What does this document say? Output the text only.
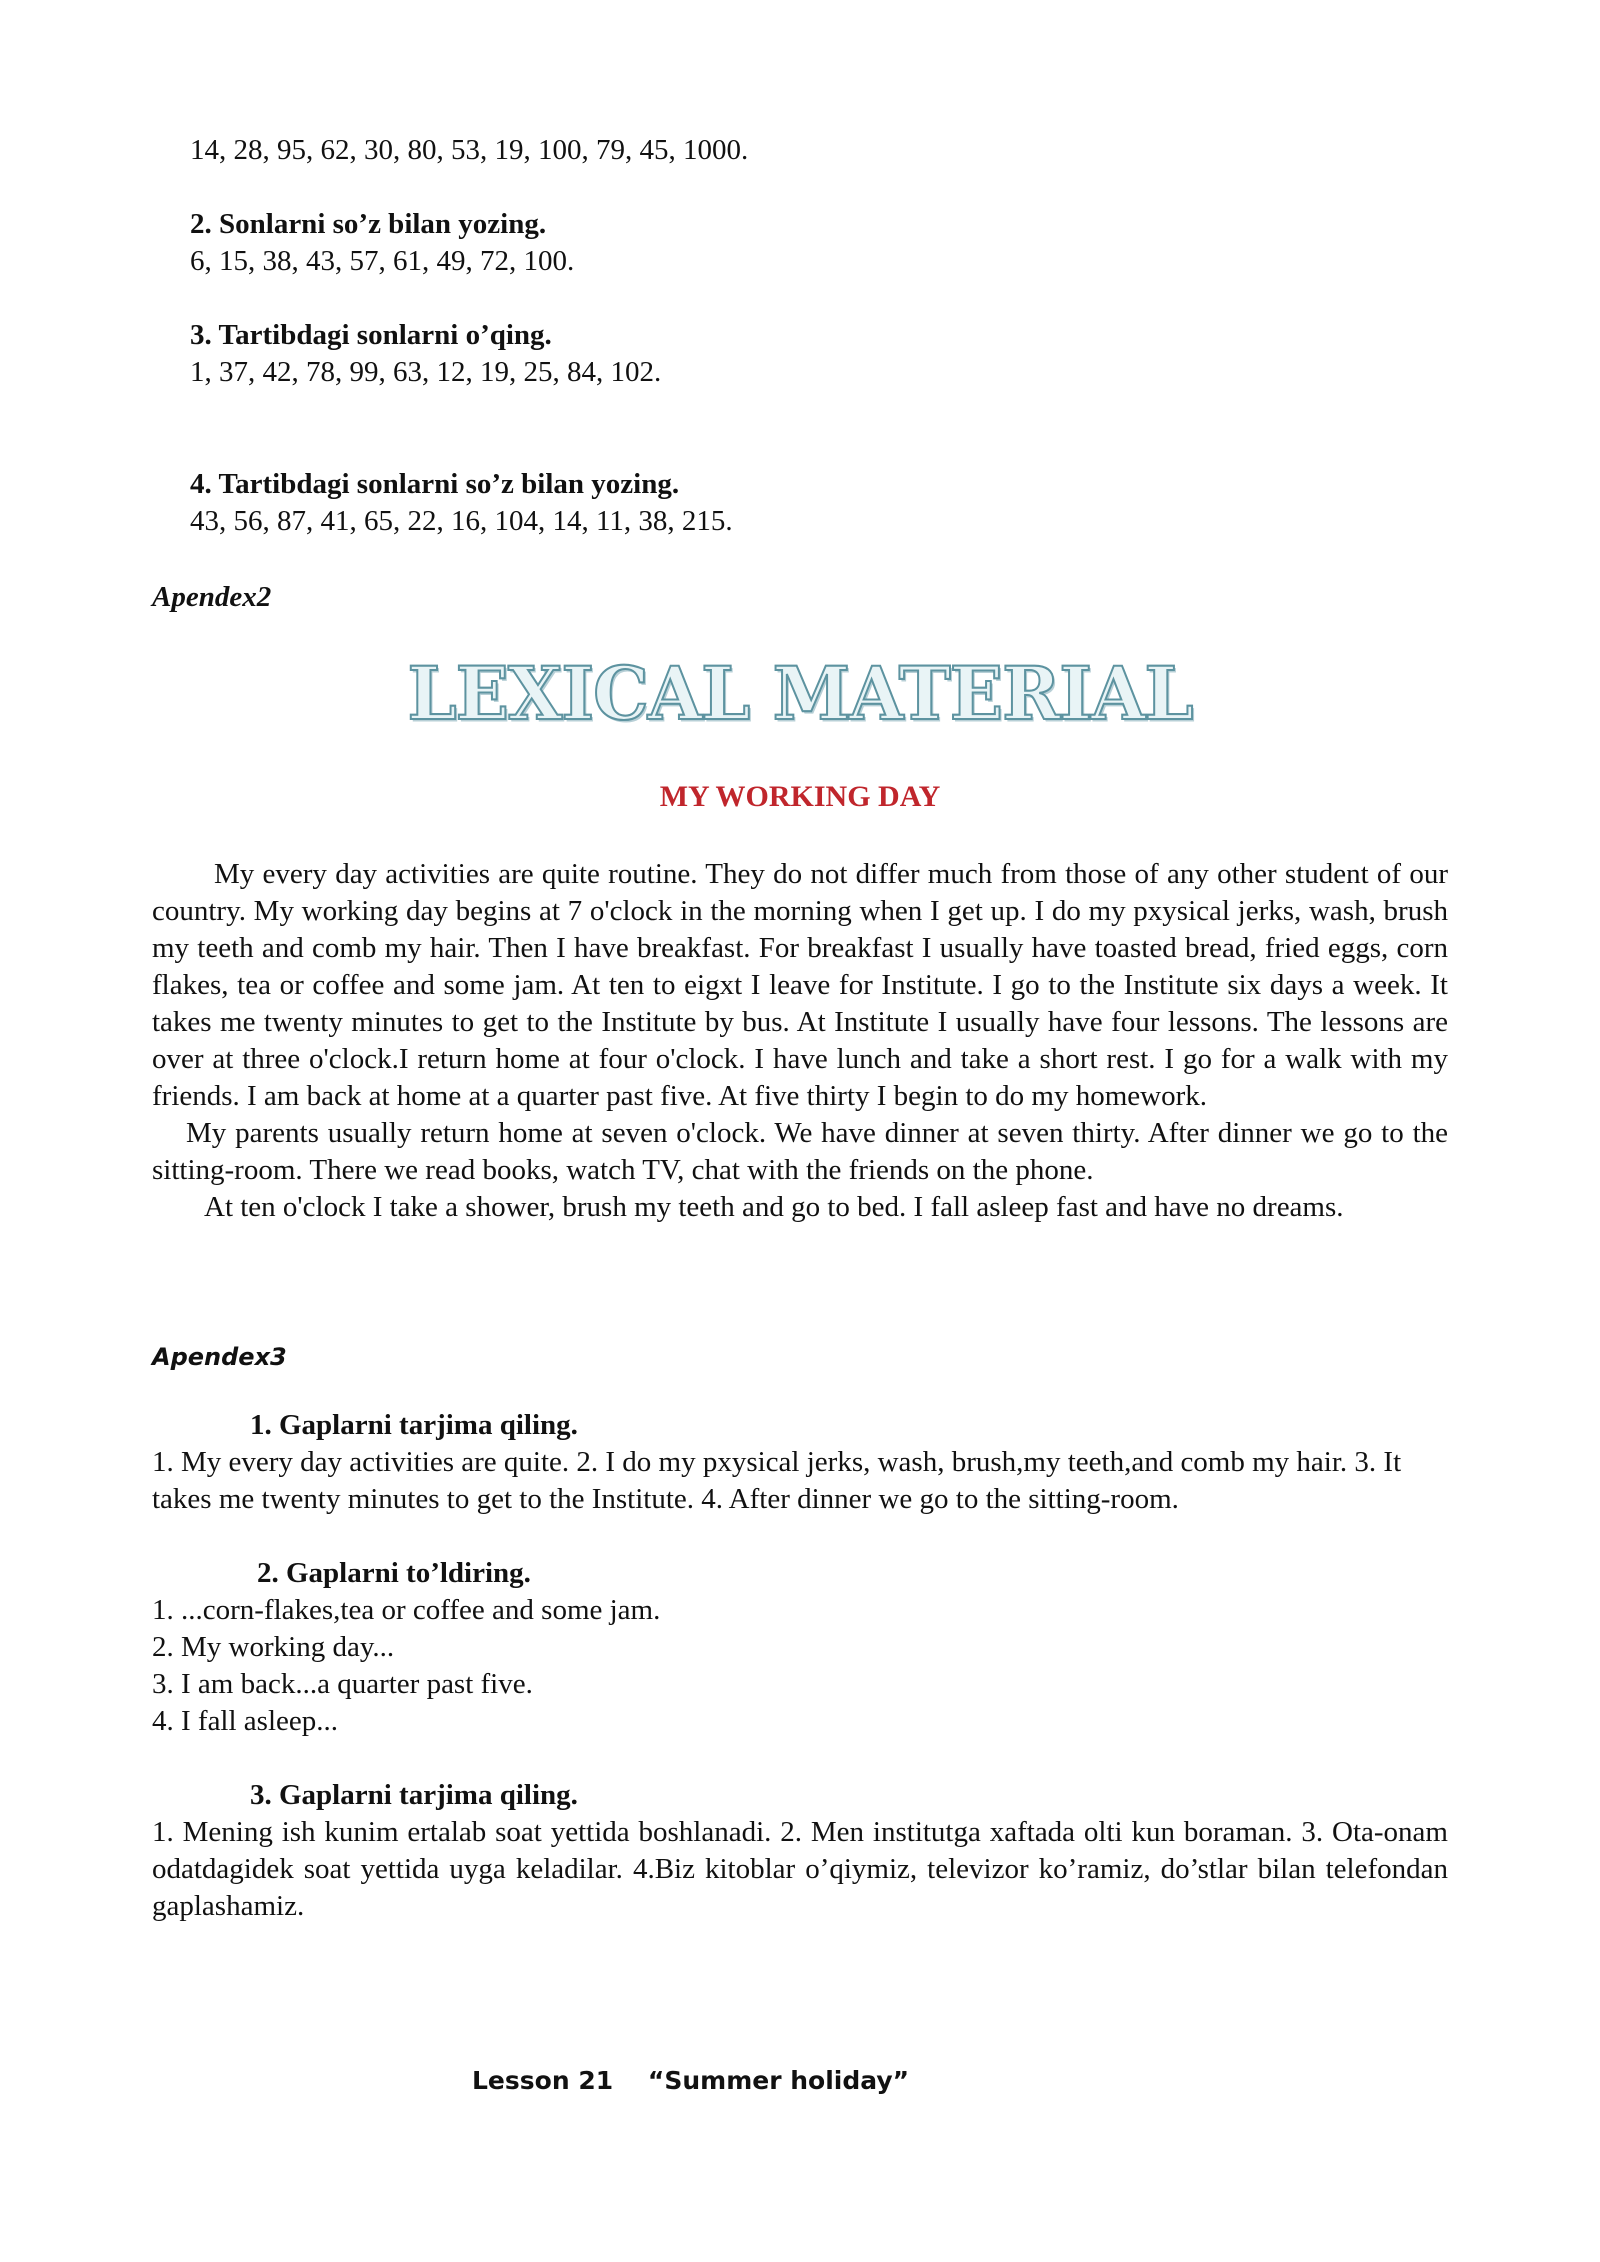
14, 28, 95, 62, 30, 80, 53, 19, 100, 79, 45, 1000.

2. Sonlarni so’z bilan yozing.

6, 15, 38, 43, 57, 61, 49, 72, 100.

3. Tartibdagi sonlarni o’qing.

1, 37, 42, 78, 99, 63, 12, 19, 25, 84, 102.

4. Tartibdagi sonlarni so’z bilan yozing.

43, 56, 87, 41, 65, 22, 16, 104, 14, 11, 38, 215.

Apendex2

LEXICAL MATERIAL

MY WORKING DAY

My every day activities are quite routine. They do not differ much from those of any other student of our country. My working day begins at 7 o'clock in the morning when I get up. I do my pxysical jerks, wash, brush my teeth and comb my hair. Then I have breakfast. For breakfast I usually have toasted bread, fried eggs, corn flakes, tea or coffee and some jam. At ten to eigxt I leave for Institute. I go to the Institute six days a week. It takes me twenty minutes to get to the Institute by bus. At Institute I usually have four lessons. The lessons are over at three o'clock.I return home at four o'clock. I have lunch and take a short rest. I go for a walk with my friends. I am back at home at a quarter past five. At five thirty I begin to do my homework.

My parents usually return home at seven o'clock. We have dinner at seven thirty. After dinner we go to the sitting-room. There we read books, watch TV, chat with the friends on the phone.

At ten o'clock I take a shower, brush my teeth and go to bed. I fall asleep fast and have no dreams.

Apendex3

1. Gaplarni tarjima qiling.

1. My every day activities are quite. 2. I do my pxysical jerks, wash, brush,my teeth,and comb my hair. 3. It takes me twenty minutes to get to the Institute. 4. After dinner we go to the sitting-room.

2. Gaplarni to’ldiring.

1. ...corn-flakes,tea or coffee and some jam.

2. My working day...

3. I am back...a quarter past five.

4. I fall asleep...

3. Gaplarni tarjima qiling.

1. Mening ish kunim ertalab soat yettida boshlanadi. 2. Men institutga xaftada olti kun boraman. 3. Ota-onam odatdagidek soat yettida uyga keladilar. 4.Biz kitoblar o’qiymiz, televizor ko’ramiz, do’stlar bilan telefondan gaplashamiz.

Lesson 21    “Summer holiday”
